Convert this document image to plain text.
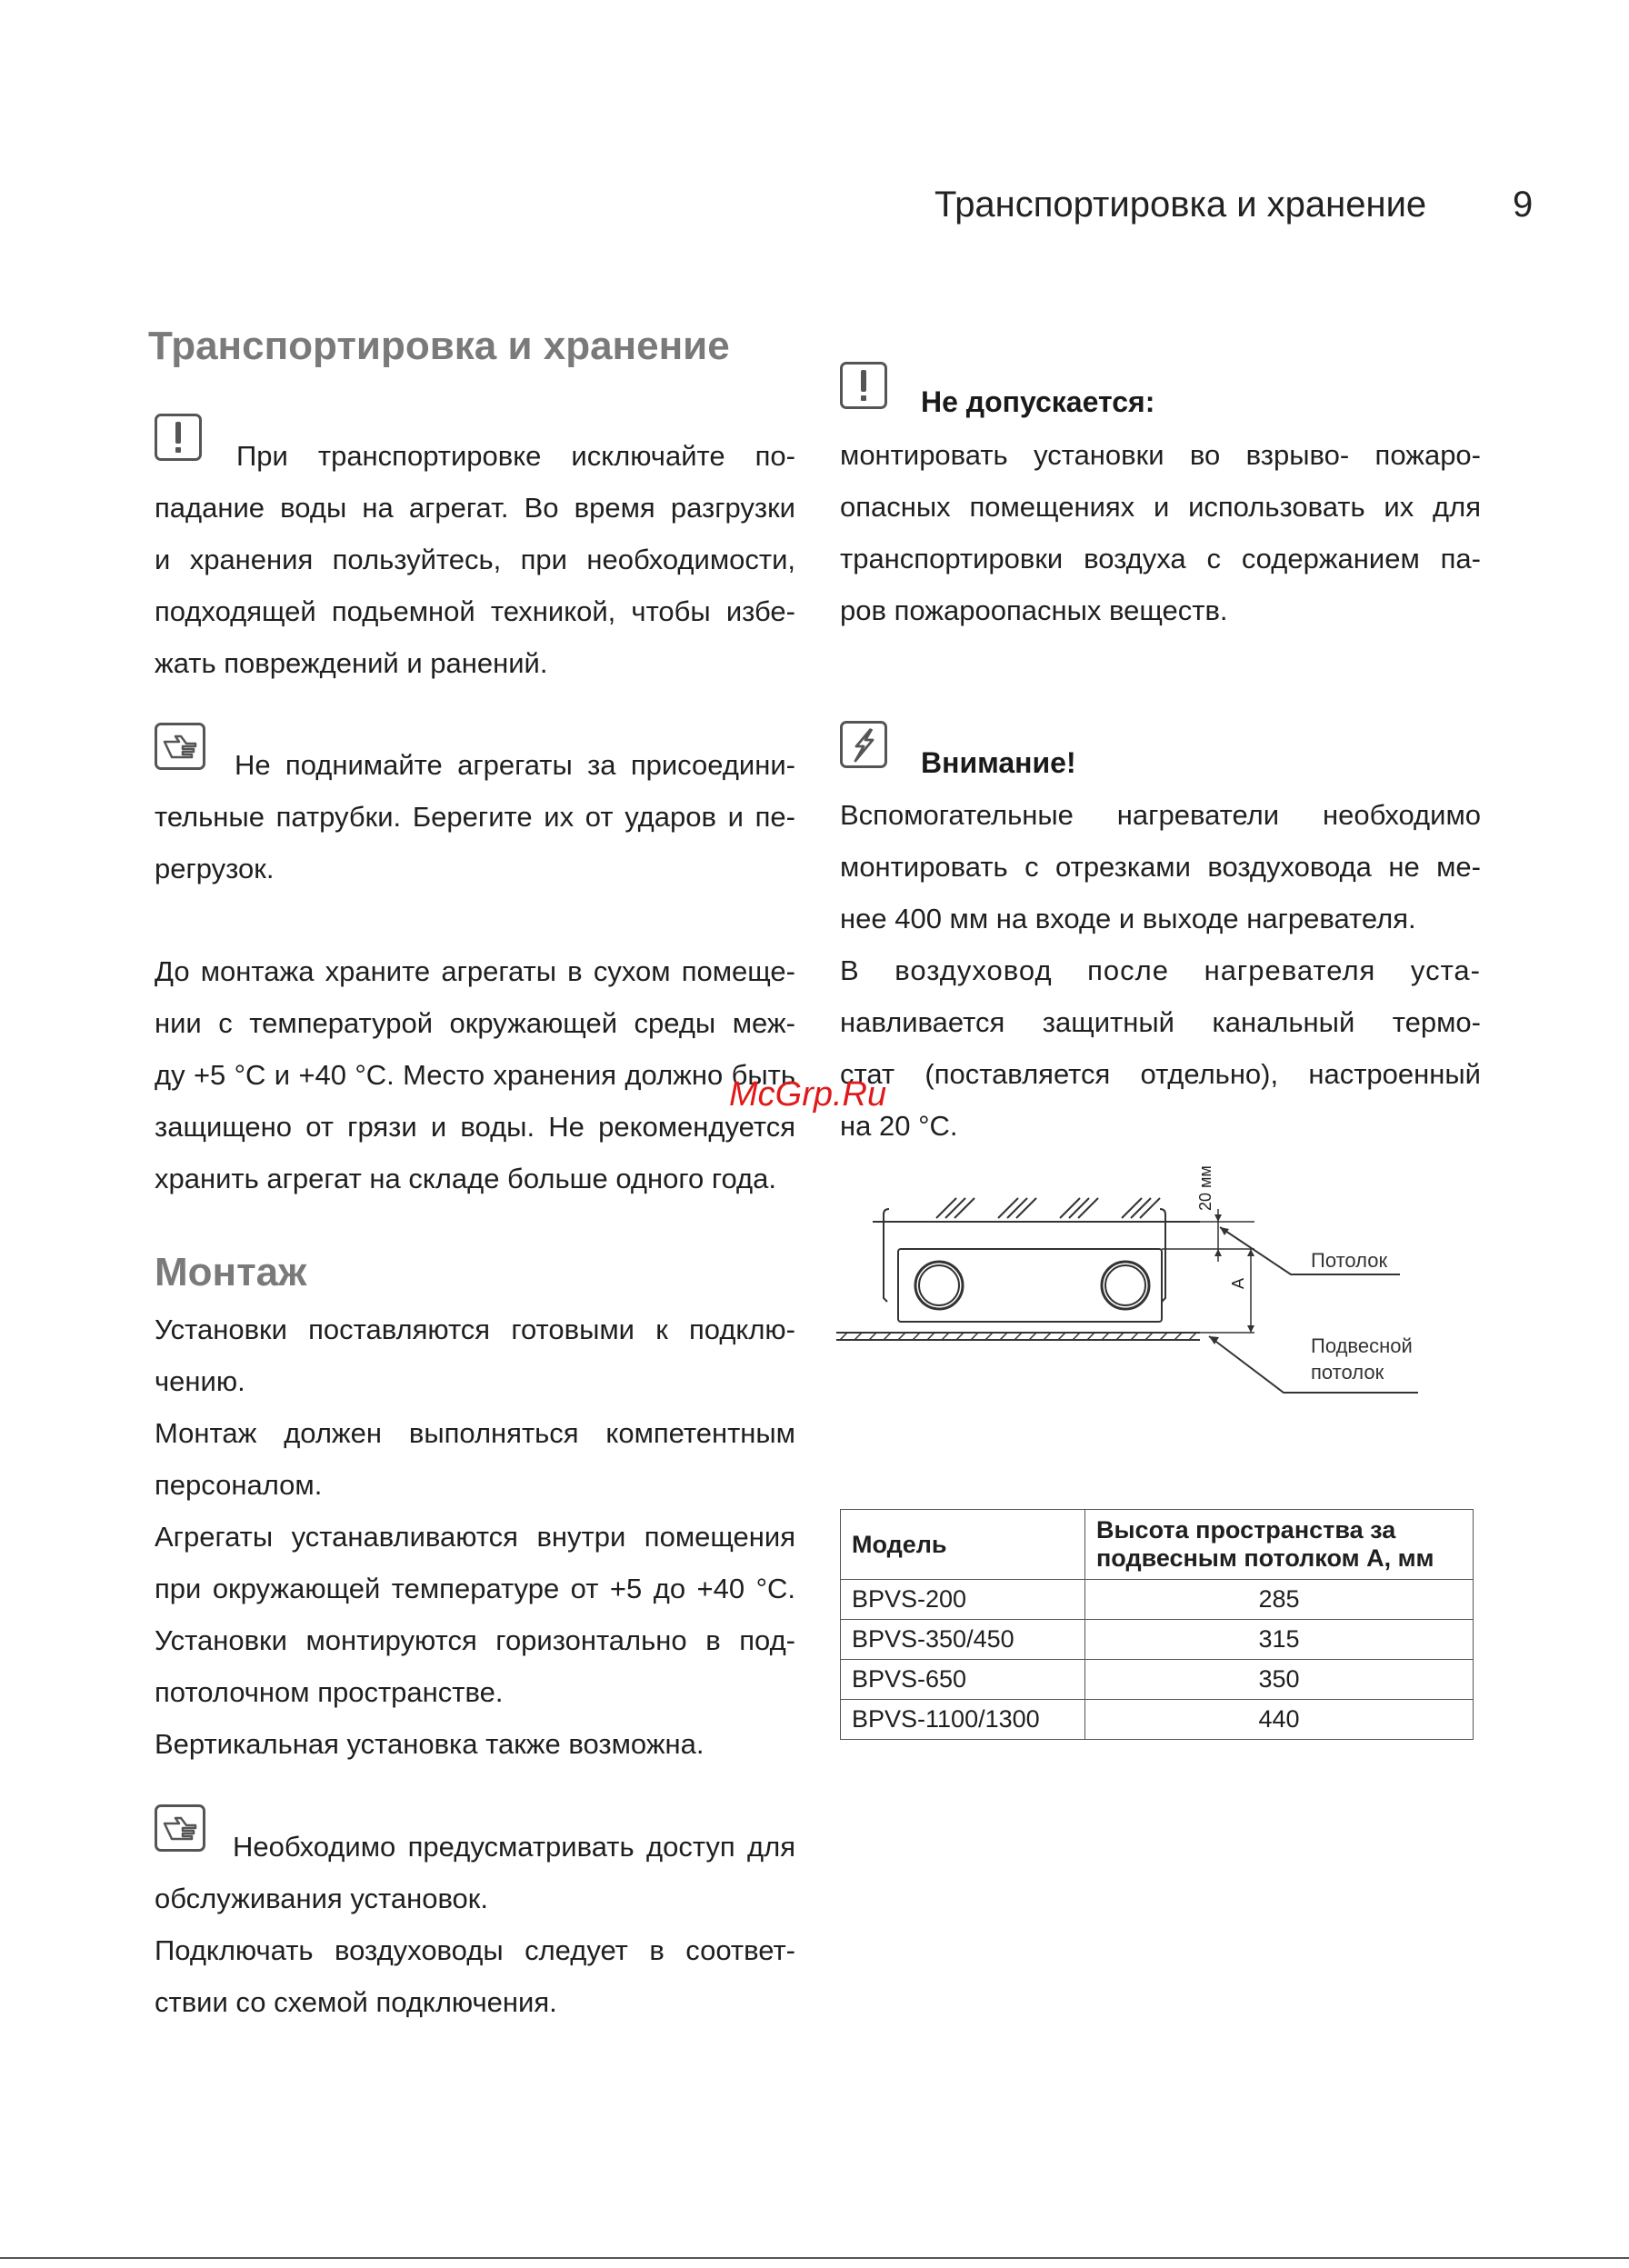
Транспортировка и хранение 9
Транспортировка и хранение
При транспортировке исключайте по-
падание воды на агрегат. Во время разгрузки
и хранения пользуйтесь, при необходимости,
подходящей подьемной техникой, чтобы избе-
жать повреждений и ранений.
Не поднимайте агрегаты за присоедини-
тельные патрубки. Берегите их от ударов и пе-
регрузок.
До монтажа храните агрегаты в сухом помеще-
нии с температурой окружающей среды меж-
ду +5 °C и +40 °C. Место хранения должно быть
защищено от грязи и воды. Не рекомендуется
хранить агрегат на складе больше одного года.
Монтаж
Установки поставляются готовыми к подклю-
чению.
Монтаж должен выполняться компетентным
персоналом.
Агрегаты устанавливаются внутри помещения
при окружающей температуре от +5 до +40 °C.
Установки монтируются горизонтально в под-
потолочном пространстве.
Вертикальная установка также возможна.
Необходимо предусматривать доступ для
обслуживания установок.
Подключать воздуховоды следует в соответ-
ствии со схемой подключения.
Не допускается:
монтировать установки во взрыво- пожаро-
опасных помещениях и использовать их для
транспортировки воздуха с содержанием па-
ров пожароопасных веществ.
Внимание!
Вспомогательные нагреватели необходимо
монтировать с отрезками воздуховода не ме-
нее 400 мм на входе и выходе нагревателя.
В воздуховод после нагревателя уста-
навливается защитный канальный термо-
стат (поставляется отдельно), настроенный
на 20 °C.
McGrp.Ru
20 мм
A
Потолок
Подвесной
потолок
Модель	Высота пространства за
подвесным потолком A, мм
BPVS-200	285
BPVS-350/450	315
BPVS-650	350
BPVS-1100/1300	440
